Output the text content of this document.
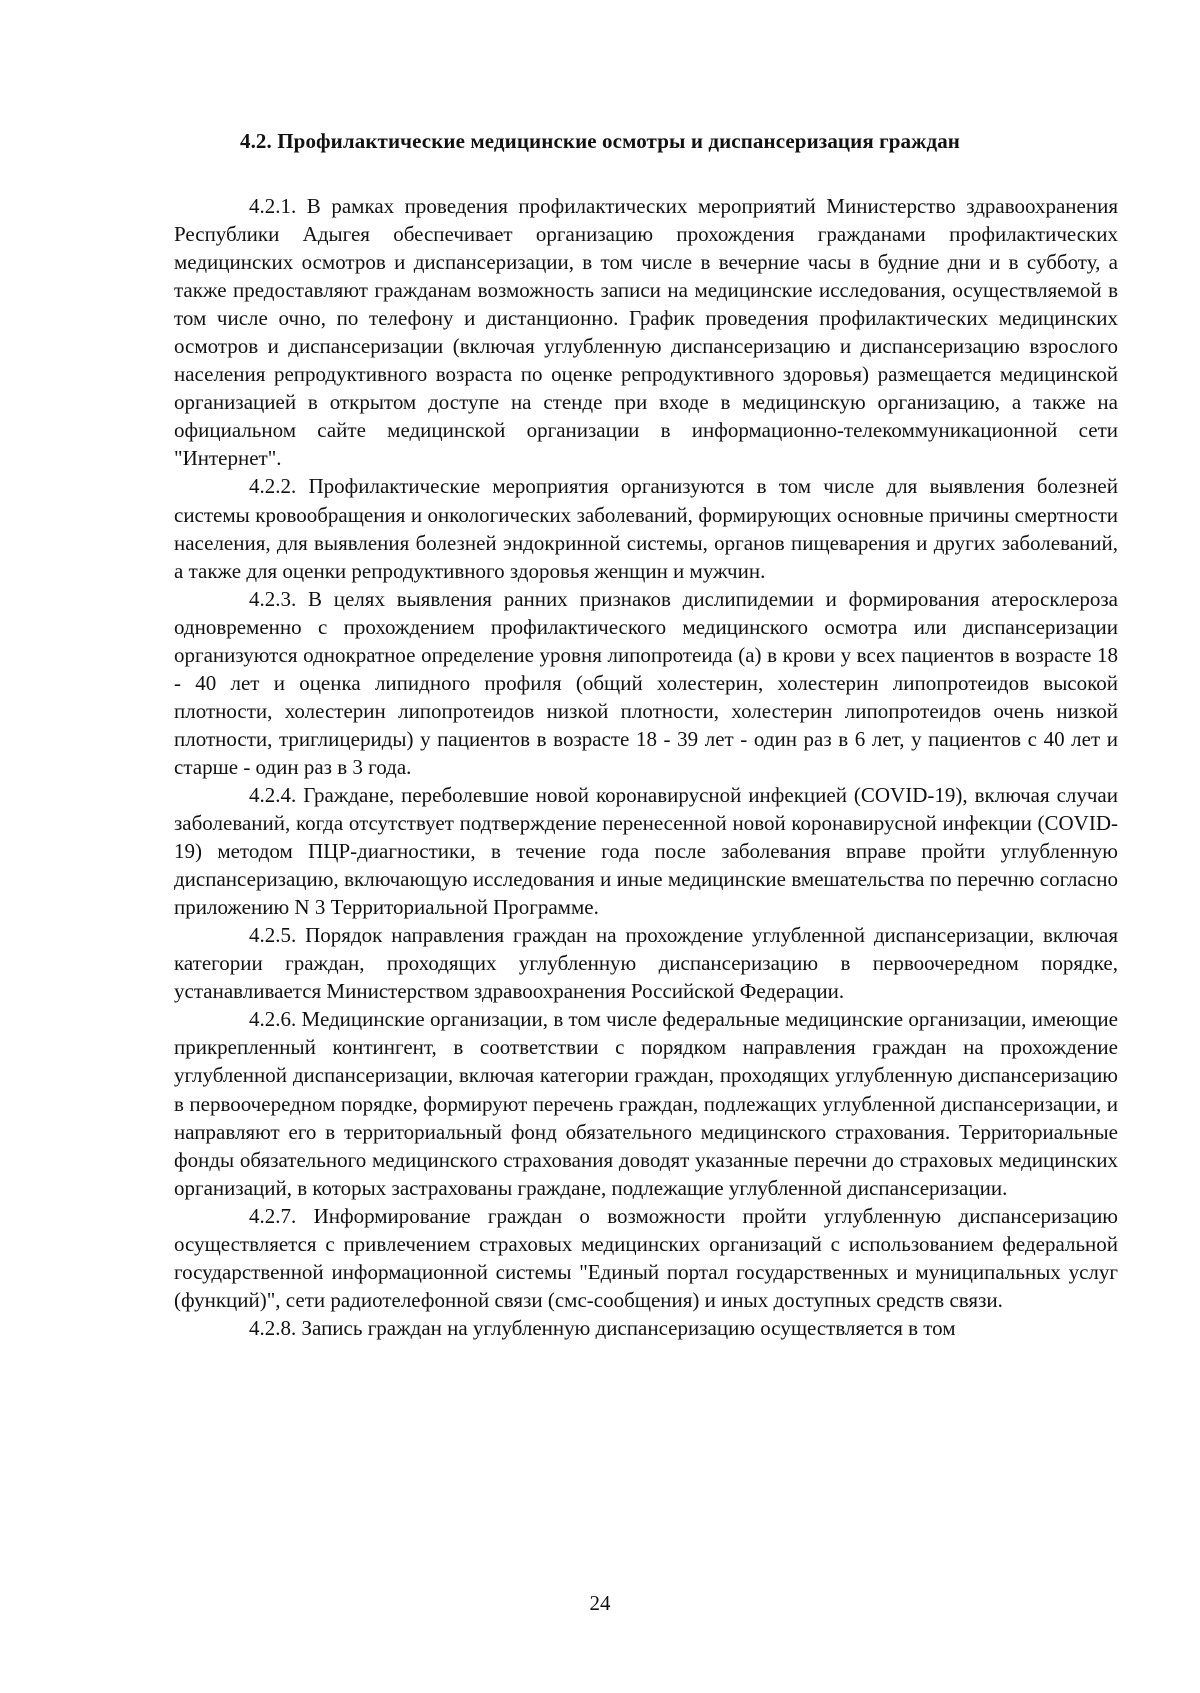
4.2. Профилактические медицинские осмотры и диспансеризация граждан

4.2.1. В рамках проведения профилактических мероприятий Министерство здравоохранения Республики Адыгея обеспечивает организацию прохождения гражданами профилактических медицинских осмотров и диспансеризации, в том числе в вечерние часы в будние дни и в субботу, а также предоставляют гражданам возможность записи на медицинские исследования, осуществляемой в том числе очно, по телефону и дистанционно. График проведения профилактических медицинских осмотров и диспансеризации (включая углубленную диспансеризацию и диспансеризацию взрослого населения репродуктивного возраста по оценке репродуктивного здоровья) размещается медицинской организацией в открытом доступе на стенде при входе в медицинскую организацию, а также на официальном сайте медицинской организации в информационно-телекоммуникационной сети "Интернет".

4.2.2. Профилактические мероприятия организуются в том числе для выявления болезней системы кровообращения и онкологических заболеваний, формирующих основные причины смертности населения, для выявления болезней эндокринной системы, органов пищеварения и других заболеваний, а также для оценки репродуктивного здоровья женщин и мужчин.

4.2.3. В целях выявления ранних признаков дислипидемии и формирования атеросклероза одновременно с прохождением профилактического медицинского осмотра или диспансеризации организуются однократное определение уровня липопротеида (а) в крови у всех пациентов в возрасте 18 - 40 лет и оценка липидного профиля (общий холестерин, холестерин липопротеидов высокой плотности, холестерин липопротеидов низкой плотности, холестерин липопротеидов очень низкой плотности, триглицериды) у пациентов в возрасте 18 - 39 лет - один раз в 6 лет, у пациентов с 40 лет и старше - один раз в 3 года.

4.2.4. Граждане, переболевшие новой коронавирусной инфекцией (COVID-19), включая случаи заболеваний, когда отсутствует подтверждение перенесенной новой коронавирусной инфекции (COVID-19) методом ПЦР-диагностики, в течение года после заболевания вправе пройти углубленную диспансеризацию, включающую исследования и иные медицинские вмешательства по перечню согласно приложению N 3 Территориальной Программе.

4.2.5. Порядок направления граждан на прохождение углубленной диспансеризации, включая категории граждан, проходящих углубленную диспансеризацию в первоочередном порядке, устанавливается Министерством здравоохранения Российской Федерации.

4.2.6. Медицинские организации, в том числе федеральные медицинские организации, имеющие прикрепленный контингент, в соответствии с порядком направления граждан на прохождение углубленной диспансеризации, включая категории граждан, проходящих углубленную диспансеризацию в первоочередном порядке, формируют перечень граждан, подлежащих углубленной диспансеризации, и направляют его в территориальный фонд обязательного медицинского страхования. Территориальные фонды обязательного медицинского страхования доводят указанные перечни до страховых медицинских организаций, в которых застрахованы граждане, подлежащие углубленной диспансеризации.

4.2.7. Информирование граждан о возможности пройти углубленную диспансеризацию осуществляется с привлечением страховых медицинских организаций с использованием федеральной государственной информационной системы "Единый портал государственных и муниципальных услуг (функций)", сети радиотелефонной связи (смс-сообщения) и иных доступных средств связи.

4.2.8. Запись граждан на углубленную диспансеризацию осуществляется в том

24
